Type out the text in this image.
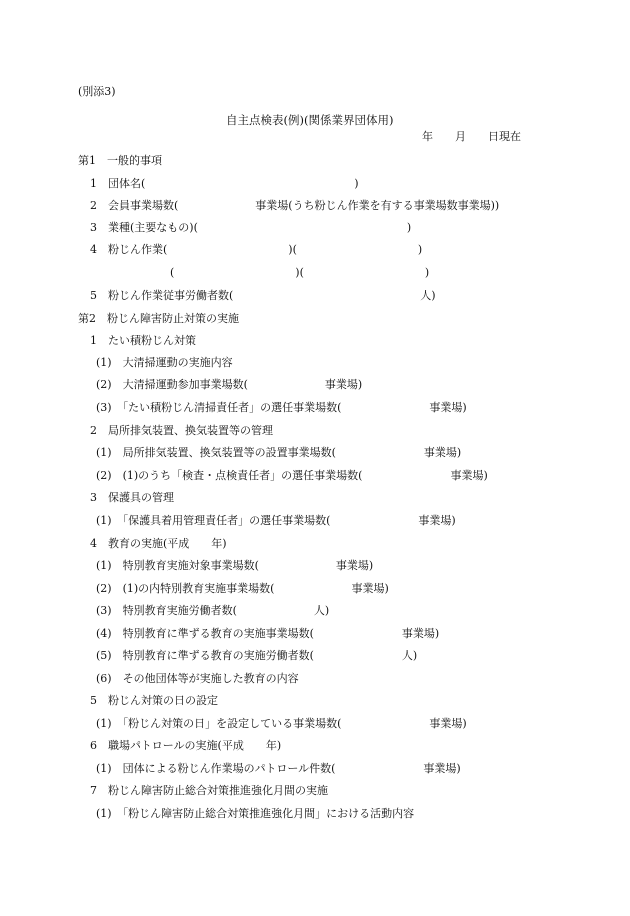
(別添3)
自主点検表(例)(関係業界団体用)
年　　月　　日現在
第1　一般的事項
1　団体名(　　　　　　　　　　　　　　　　　　　)
2　会員事業場数(　　　　　　　事業場(うち粉じん作業を有する事業場数事業場))
3　業種(主要なもの)(　　　　　　　　　　　　　　　　　　　)
4　粉じん作業(　　　　　　　　　　　)(　　　　　　　　　　　)
(　　　　　　　　　　　)(　　　　　　　　　　　)
5　粉じん作業従事労働者数(　　　　　　　　　　　　　　　　　人)
第2　粉じん障害防止対策の実施
1　たい積粉じん対策
(1)　大清掃運動の実施内容
(2)　大清掃運動参加事業場数(　　　　　　　事業場)
(3)　「たい積粉じん清掃責任者」の選任事業場数(　　　　　　　　事業場)
2　局所排気装置、換気装置等の管理
(1)　局所排気装置、換気装置等の設置事業場数(　　　　　　　　事業場)
(2)　(1)のうち「検査・点検責任者」の選任事業場数(　　　　　　　　事業場)
3　保護具の管理
(1)　「保護具着用管理責任者」の選任事業場数(　　　　　　　　事業場)
4　教育の実施(平成　　年)
(1)　特別教育実施対象事業場数(　　　　　　　事業場)
(2)　(1)の内特別教育実施事業場数(　　　　　　　事業場)
(3)　特別教育実施労働者数(　　　　　　　人)
(4)　特別教育に準ずる教育の実施事業場数(　　　　　　　　事業場)
(5)　特別教育に準ずる教育の実施労働者数(　　　　　　　　人)
(6)　その他団体等が実施した教育の内容
5　粉じん対策の日の設定
(1)　「粉じん対策の日」を設定している事業場数(　　　　　　　　事業場)
6　職場パトロールの実施(平成　　年)
(1)　団体による粉じん作業場のパトロール件数(　　　　　　　　事業場)
7　粉じん障害防止総合対策推進強化月間の実施
(1)　「粉じん障害防止総合対策推進強化月間」における活動内容
